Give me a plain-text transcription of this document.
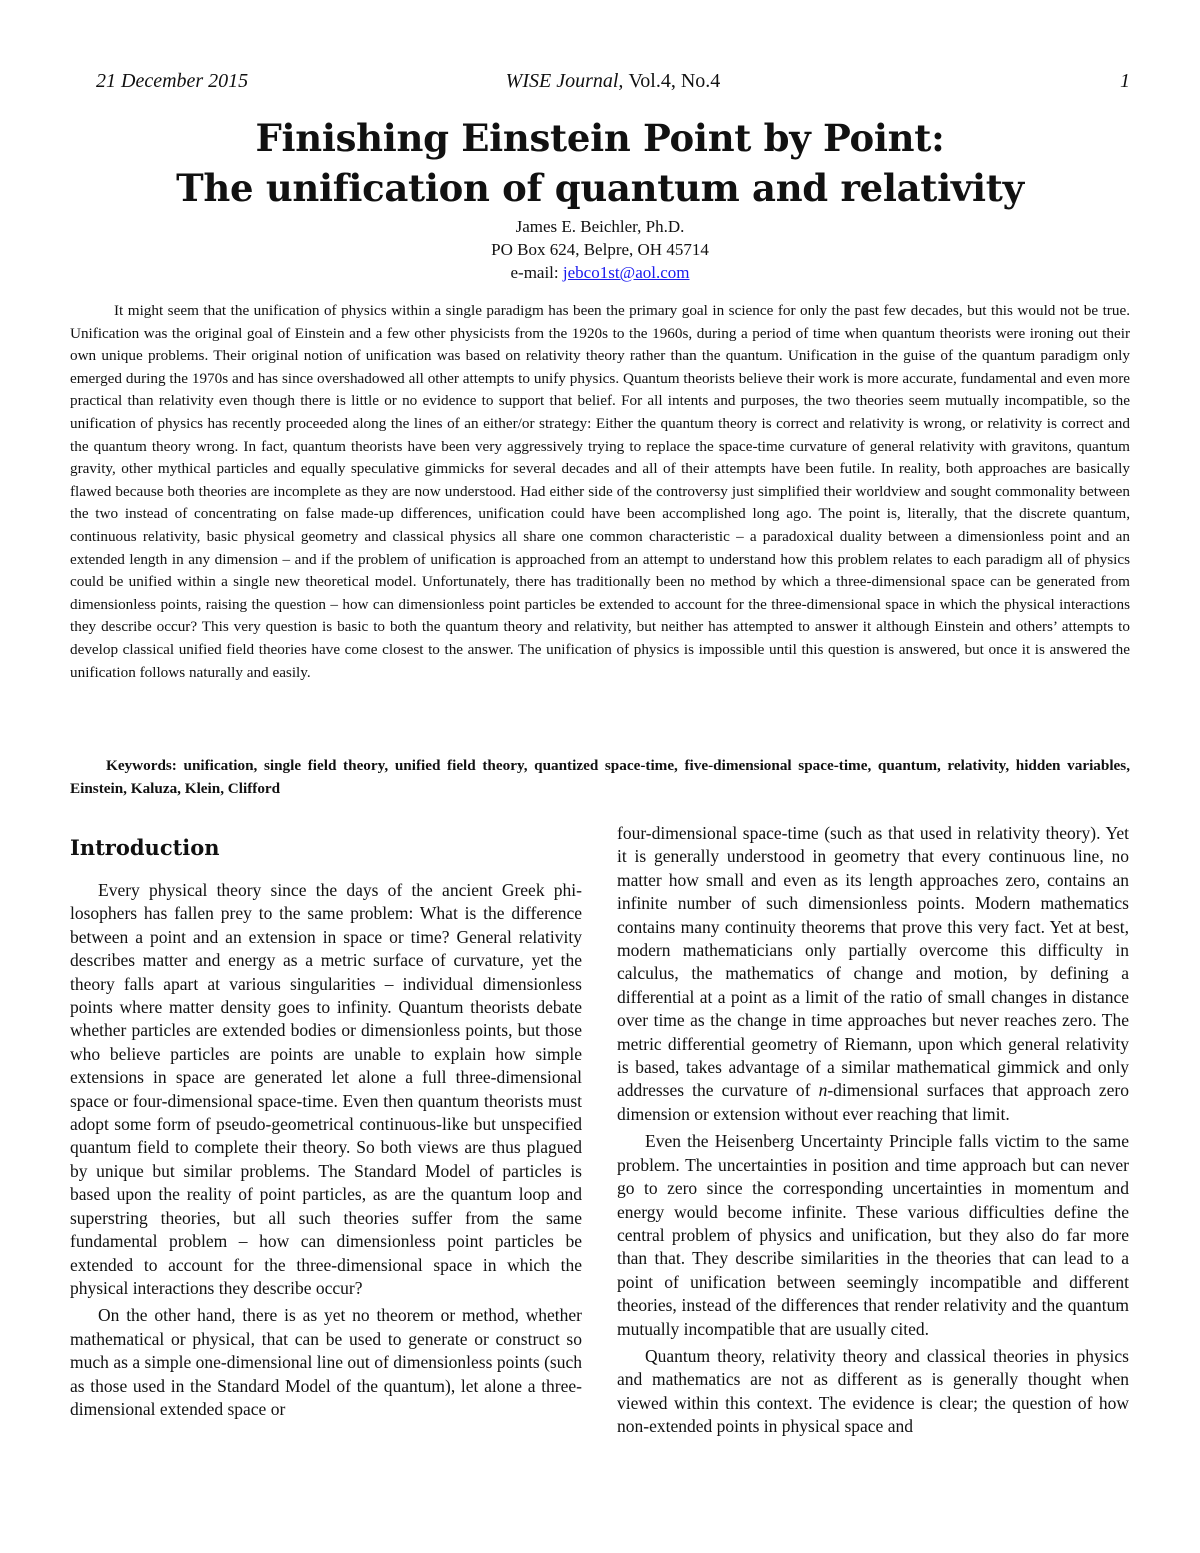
21 December 2015	WISE Journal, Vol.4, No.4	1
Finishing Einstein Point by Point:
The unification of quantum and relativity
James E. Beichler, Ph.D.
PO Box 624, Belpre, OH 45714
e-mail: jebco1st@aol.com

It might seem that the unification of physics within a single paradigm has been the primary goal in science for only the past few decades, but this would not be true. Unification was the original goal of Einstein and a few other physicists from the 1920s to the 1960s, during a period of time when quantum theorists were ironing out their own unique problems. Their original notion of unification was based on relativity theory rather than the quantum. Unification in the guise of the quantum paradigm only emerged during the 1970s and has since overshadowed all other attempts to unify physics. Quantum theorists believe their work is more accurate, fundamental and even more practical than relativity even though there is little or no evidence to support that belief. For all intents and purposes, the two theories seem mutually incompatible, so the unification of physics has recently proceeded along the lines of an either/or strategy: Either the quantum theory is correct and relativity is wrong, or relativity is correct and the quantum theory wrong. In fact, quantum theorists have been very aggressively trying to replace the space-time curvature of general relativity with gravitons, quantum gravity, other mythical particles and equally speculative gimmicks for several decades and all of their attempts have been futile. In reality, both approaches are basically flawed because both theories are incomplete as they are now understood. Had either side of the controversy just simplified their worldview and sought commonality between the two instead of concentrating on false made-up differences, unification could have been accomplished long ago. The point is, literally, that the discrete quantum, continuous relativity, basic physical geometry and classical physics all share one common characteristic – a paradoxical duality between a dimensionless point and an extended length in any dimension – and if the problem of unification is approached from an attempt to understand how this problem relates to each paradigm all of physics could be unified within a single new theoretical model. Unfortunately, there has traditionally been no method by which a three-dimensional space can be generated from dimensionless points, raising the question – how can dimensionless point particles be extended to account for the three-dimensional space in which the physical interactions they describe occur? This very question is basic to both the quantum theory and relativity, but neither has attempted to answer it although Einstein and others’ attempts to develop classical unified field theories have come closest to the answer. The unification of physics is impossible until this question is answered, but once it is answered the unification follows naturally and easily.

Keywords: unification, single field theory, unified field theory, quantized space-time, five-dimensional space-time, quantum, relativity, hidden variables, Einstein, Kaluza, Klein, Clifford

Introduction

Every physical theory since the days of the ancient Greek philosophers has fallen prey to the same problem: What is the difference between a point and an extension in space or time? General relativity describes matter and energy as a metric surface of curvature, yet the theory falls apart at various singularities – individual dimensionless points where matter density goes to infinity. Quantum theorists debate whether particles are extended bodies or dimensionless points, but those who believe particles are points are unable to explain how simple extensions in space are generated let alone a full three-dimensional space or four-dimensional space-time. Even then quantum theorists must adopt some form of pseudo-geometrical continuous-like but unspecified quantum field to complete their theory. So both views are thus plagued by unique but similar problems. The Standard Model of particles is based upon the reality of point particles, as are the quantum loop and superstring theories, but all such theories suffer from the same fundamental problem – how can dimensionless point particles be extended to account for the three-dimensional space in which the physical interactions they describe occur?

On the other hand, there is as yet no theorem or method, whether mathematical or physical, that can be used to generate or construct so much as a simple one-dimensional line out of dimensionless points (such as those used in the Standard Model of the quantum), let alone a three-dimensional extended space or

four-dimensional space-time (such as that used in relativity theory). Yet it is generally understood in geometry that every continuous line, no matter how small and even as its length approaches zero, contains an infinite number of such dimensionless points. Modern mathematics contains many continuity theorems that prove this very fact. Yet at best, modern mathematicians only partially overcome this difficulty in calculus, the mathematics of change and motion, by defining a differential at a point as a limit of the ratio of small changes in distance over time as the change in time approaches but never reaches zero. The metric differential geometry of Riemann, upon which general relativity is based, takes advantage of a similar mathematical gimmick and only addresses the curvature of n-dimensional surfaces that approach zero dimension or extension without ever reaching that limit.

Even the Heisenberg Uncertainty Principle falls victim to the same problem. The uncertainties in position and time approach but can never go to zero since the corresponding uncertainties in momentum and energy would become infinite. These various difficulties define the central problem of physics and unification, but they also do far more than that. They describe similarities in the theories that can lead to a point of unification between seemingly incompatible and different theories, instead of the differences that render relativity and the quantum mutually incompatible that are usually cited.

Quantum theory, relativity theory and classical theories in physics and mathematics are not as different as is generally thought when viewed within this context. The evidence is clear; the question of how non-extended points in physical space and
